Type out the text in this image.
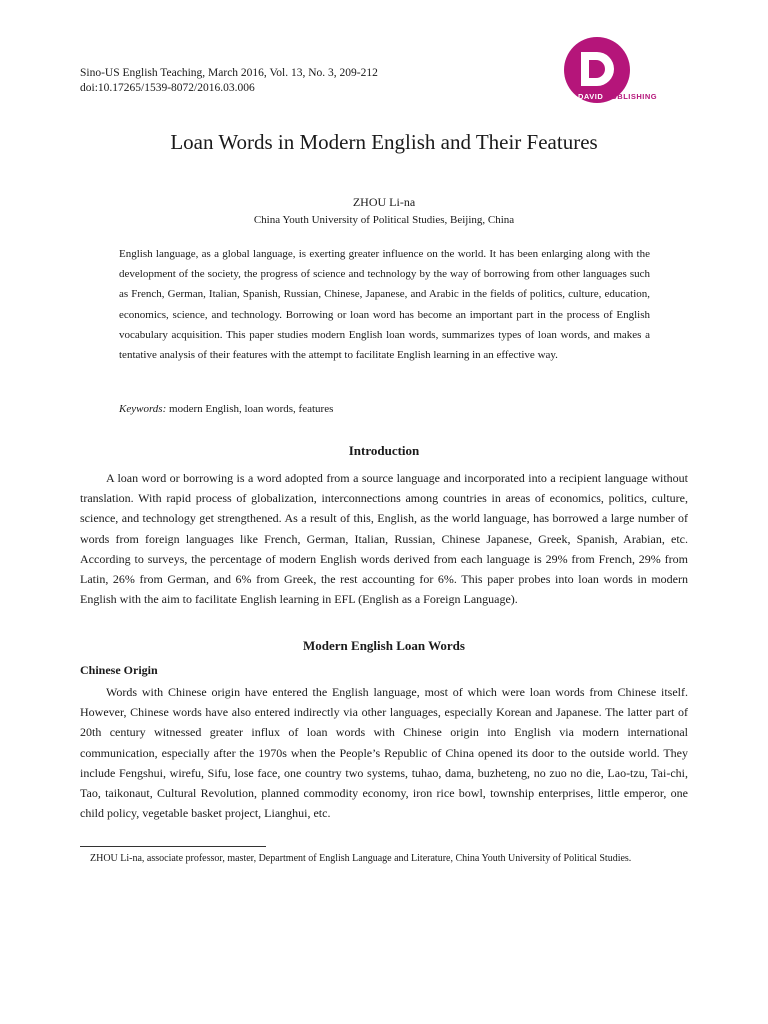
Sino-US English Teaching, March 2016, Vol. 13, No. 3, 209-212
doi:10.17265/1539-8072/2016.03.006
DAVID PUBLISHING
Loan Words in Modern English and Their Features
ZHOU Li-na
China Youth University of Political Studies, Beijing, China
English language, as a global language, is exerting greater influence on the world. It has been enlarging along with the development of the society, the progress of science and technology by the way of borrowing from other languages such as French, German, Italian, Spanish, Russian, Chinese, Japanese, and Arabic in the fields of politics, culture, education, economics, science, and technology. Borrowing or loan word has become an important part in the process of English vocabulary acquisition. This paper studies modern English loan words, summarizes types of loan words, and makes a tentative analysis of their features with the attempt to facilitate English learning in an effective way.
Keywords: modern English, loan words, features
Introduction

A loan word or borrowing is a word adopted from a source language and incorporated into a recipient language without translation. With rapid process of globalization, interconnections among countries in areas of economics, politics, culture, science, and technology get strengthened. As a result of this, English, as the world language, has borrowed a large number of words from foreign languages like French, German, Italian, Russian, Chinese Japanese, Greek, Spanish, Arabian, etc. According to surveys, the percentage of modern English words derived from each language is 29% from French, 29% from Latin, 26% from German, and 6% from Greek, the rest accounting for 6%. This paper probes into loan words in modern English with the aim to facilitate English learning in EFL (English as a Foreign Language).

Modern English Loan Words

Chinese Origin

Words with Chinese origin have entered the English language, most of which were loan words from Chinese itself. However, Chinese words have also entered indirectly via other languages, especially Korean and Japanese. The latter part of 20th century witnessed greater influx of loan words with Chinese origin into English via modern international communication, especially after the 1970s when the People’s Republic of China opened its door to the outside world. They include Fengshui, wirefu, Sifu, lose face, one country two systems, tuhao, dama, buzheteng, no zuo no die, Lao-tzu, Tai-chi, Tao, taikonaut, Cultural Revolution, planned commodity economy, iron rice bowl, township enterprises, little emperor, one child policy, vegetable basket project, Lianghui, etc.

ZHOU Li-na, associate professor, master, Department of English Language and Literature, China Youth University of Political Studies.
